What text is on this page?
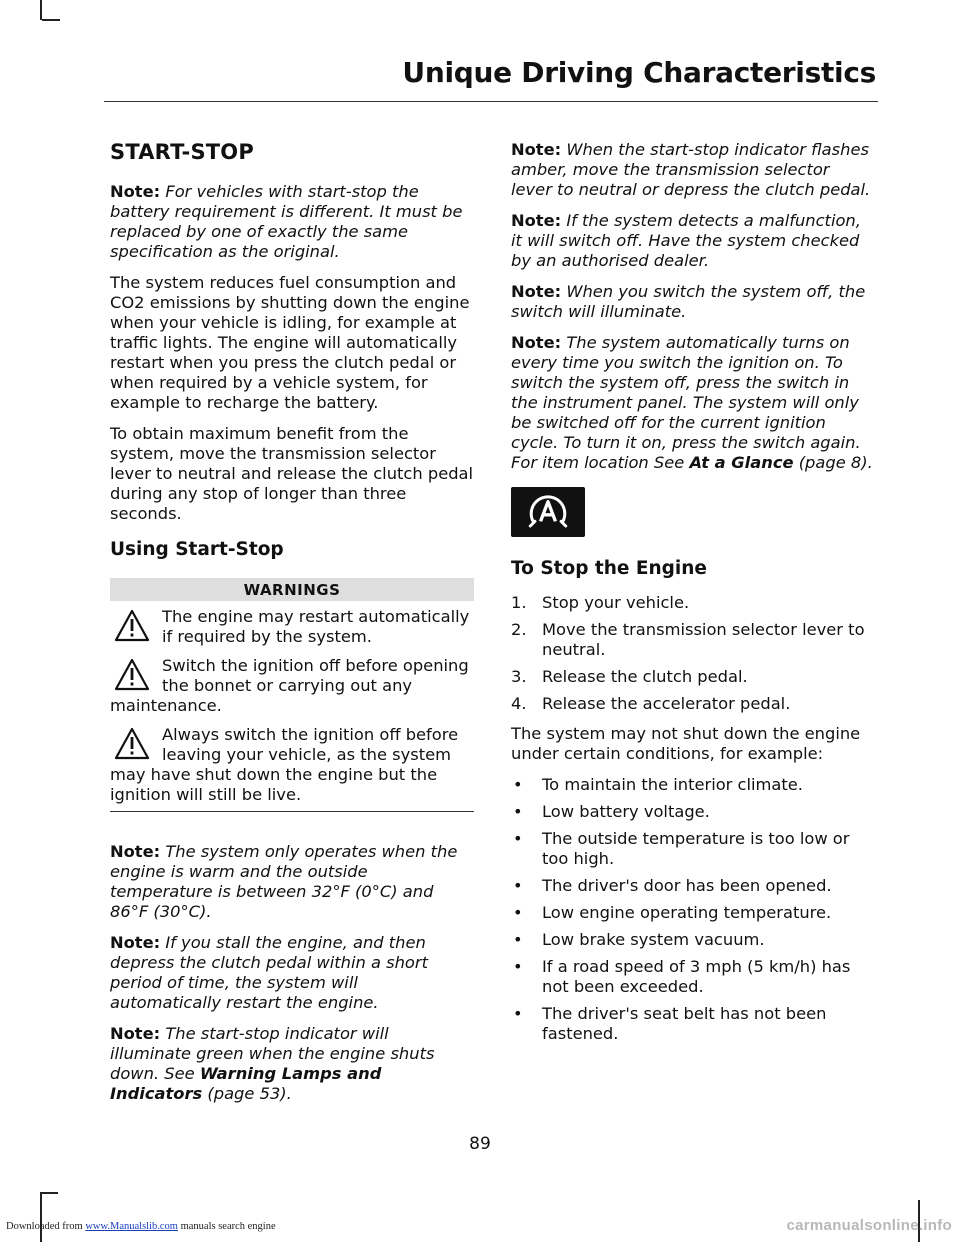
Unique Driving Characteristics
START-STOP

Note: For vehicles with start-stop the battery requirement is different. It must be replaced by one of exactly the same specification as the original.

The system reduces fuel consumption and CO2 emissions by shutting down the engine when your vehicle is idling, for example at traffic lights. The engine will automatically restart when you press the clutch pedal or when required by a vehicle system, for example to recharge the battery.

To obtain maximum benefit from the system, move the transmission selector lever to neutral and release the clutch pedal during any stop of longer than three seconds.

Using Start-Stop
WARNINGS
The engine may restart automatically if required by the system.
Switch the ignition off before opening the bonnet or carrying out any maintenance.
Always switch the ignition off before leaving your vehicle, as the system may have shut down the engine but the ignition will still be live.

Note: The system only operates when the engine is warm and the outside temperature is between 32°F (0°C) and 86°F (30°C).

Note: If you stall the engine, and then depress the clutch pedal within a short period of time, the system will automatically restart the engine.

Note: The start-stop indicator will illuminate green when the engine shuts down. See Warning Lamps and Indicators (page 53).

Note: When the start-stop indicator flashes amber, move the transmission selector lever to neutral or depress the clutch pedal.

Note: If the system detects a malfunction, it will switch off. Have the system checked by an authorised dealer.

Note: When you switch the system off, the switch will illuminate.

Note: The system automatically turns on every time you switch the ignition on. To switch the system off, press the switch in the instrument panel. The system will only be switched off for the current ignition cycle. To turn it on, press the switch again. For item location See At a Glance (page 8).

To Stop the Engine
1. Stop your vehicle.
2. Move the transmission selector lever to neutral.
3. Release the clutch pedal.
4. Release the accelerator pedal.

The system may not shut down the engine under certain conditions, for example:

• To maintain the interior climate.
• Low battery voltage.
• The outside temperature is too low or too high.
• The driver's door has been opened.
• Low engine operating temperature.
• Low brake system vacuum.
• If a road speed of 3 mph (5 km/h) has not been exceeded.
• The driver's seat belt has not been fastened.
89
Downloaded from www.Manualslib.com manuals search engine	carmanualsonline.info
